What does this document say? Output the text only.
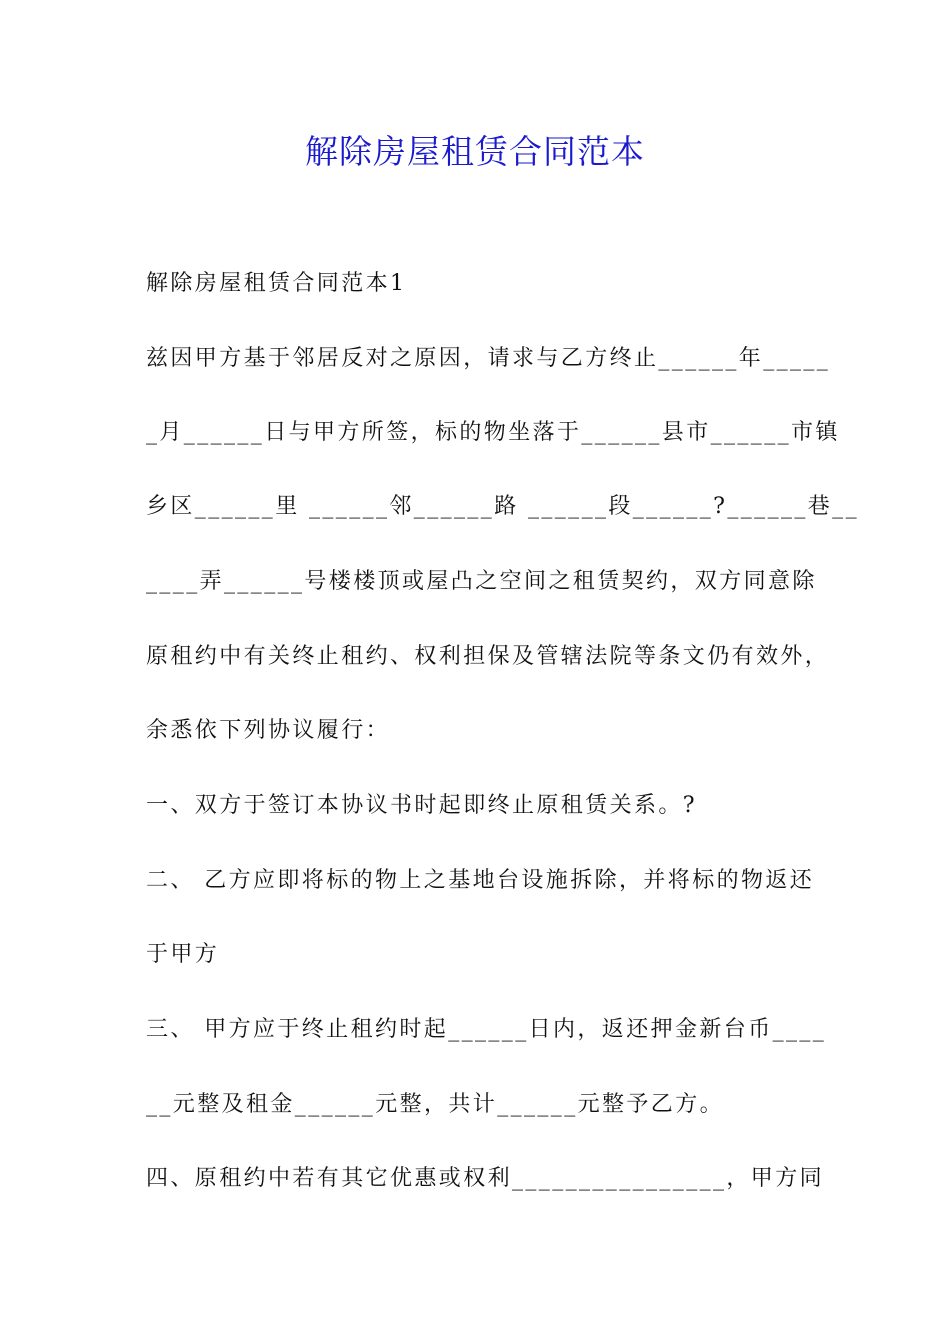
解除房屋租赁合同范本
解除房屋租赁合同范本1
兹因甲方基于邻居反对之原因，请求与乙方终止______年_____
_月______日与甲方所签，标的物坐落于______县市______市镇
乡区______里 ______邻______路 ______段______?______巷__
____弄______号楼楼顶或屋凸之空间之租赁契约，双方同意除
原租约中有关终止租约、权利担保及管辖法院等条文仍有效外，
余悉依下列协议履行：
一、双方于签订本协议书时起即终止原租赁关系。?
二、 乙方应即将标的物上之基地台设施拆除，并将标的物返还
于甲方
三、 甲方应于终止租约时起______日内，返还押金新台币____
__元整及租金______元整，共计______元整予乙方。
四、原租约中若有其它优惠或权利________________，甲方同
